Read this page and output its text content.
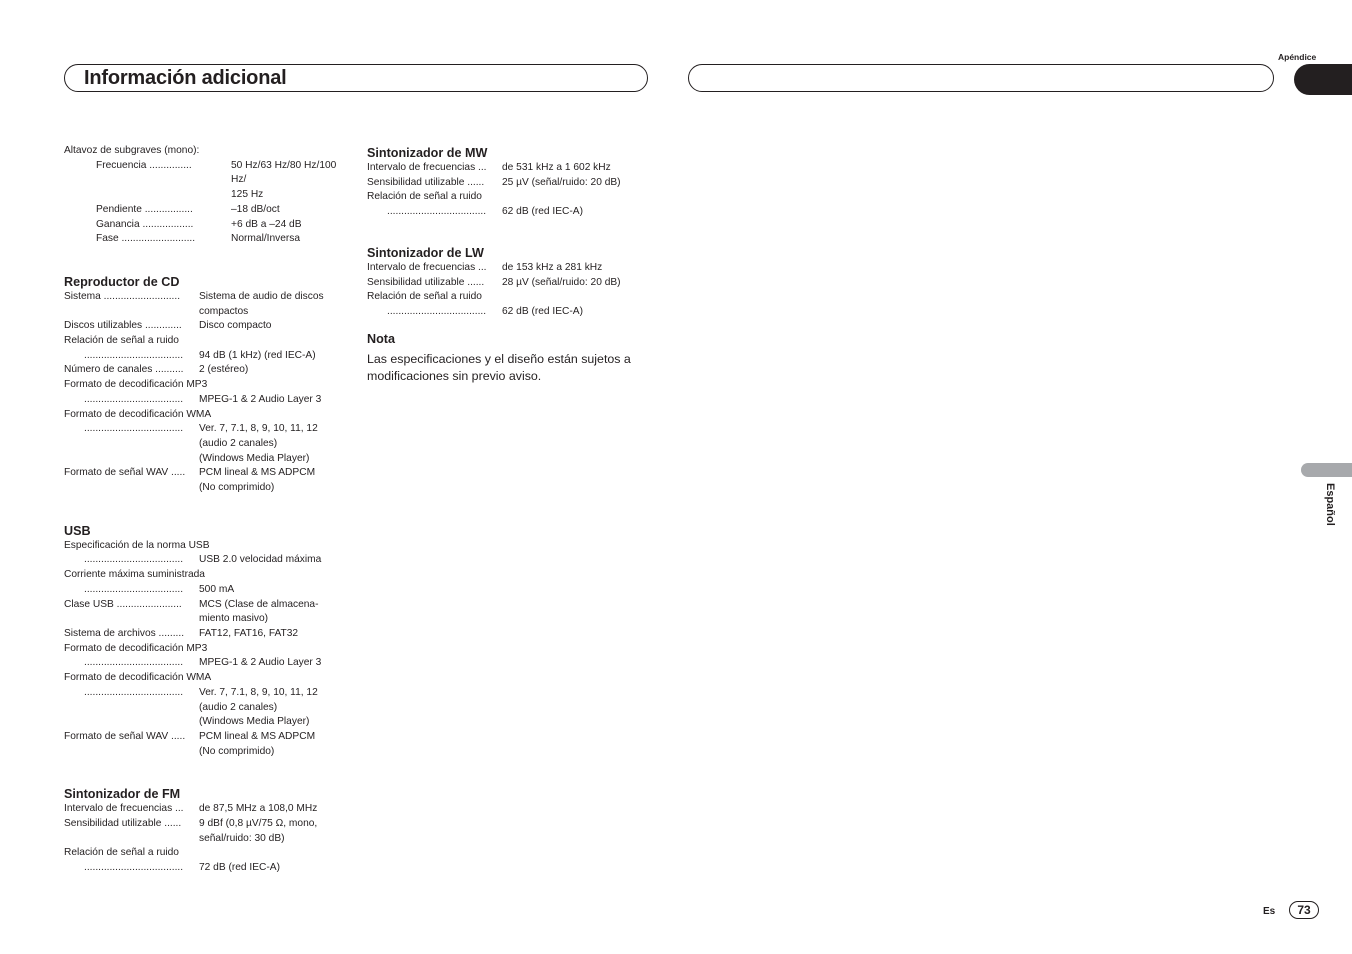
Información adicional
Apéndice
Español
Altavoz de subgraves (mono):
Frecuencia ...............	50 Hz/63 Hz/80 Hz/100 Hz/
125 Hz
Pendiente .................	–18 dB/oct
Ganancia ..................	+6 dB a –24 dB
Fase ..........................	Normal/Inversa
Reproductor de CD
Sistema ...........................	Sistema de audio de discos
compactos
Discos utilizables .............	Disco compacto
Relación de señal a ruido
...................................	94 dB (1 kHz) (red IEC-A)
Número de canales ..........	2 (estéreo)
Formato de decodificación MP3
...................................	MPEG-1 & 2 Audio Layer 3
Formato de decodificación WMA
...................................	Ver. 7, 7.1, 8, 9, 10, 11, 12
(audio 2 canales)
(Windows Media Player)
Formato de señal WAV .....	PCM lineal & MS ADPCM
(No comprimido)
USB
Especificación de la norma USB
...................................	USB 2.0 velocidad máxima
Corriente máxima suministrada
...................................	500 mA
Clase USB .......................	MCS (Clase de almacena-
miento masivo)
Sistema de archivos .........	FAT12, FAT16, FAT32
Formato de decodificación MP3
...................................	MPEG-1 & 2 Audio Layer 3
Formato de decodificación WMA
...................................	Ver. 7, 7.1, 8, 9, 10, 11, 12
(audio 2 canales)
(Windows Media Player)
Formato de señal WAV .....	PCM lineal & MS ADPCM
(No comprimido)
Sintonizador de FM
Intervalo de frecuencias ...	de 87,5 MHz a 108,0 MHz
Sensibilidad utilizable ......	9 dBf (0,8 µV/75 Ω, mono,
señal/ruido: 30 dB)
Relación de señal a ruido
...................................	72 dB (red IEC-A)
Sintonizador de MW
Intervalo de frecuencias ...	de 531 kHz a 1 602 kHz
Sensibilidad utilizable ......	25 µV (señal/ruido: 20 dB)
Relación de señal a ruido
...................................	62 dB (red IEC-A)
Sintonizador de LW
Intervalo de frecuencias ...	de 153 kHz a 281 kHz
Sensibilidad utilizable ......	28 µV (señal/ruido: 20 dB)
Relación de señal a ruido
...................................	62 dB (red IEC-A)
Nota
Las especificaciones y el diseño están sujetos a
modificaciones sin previo aviso.
Es	73
